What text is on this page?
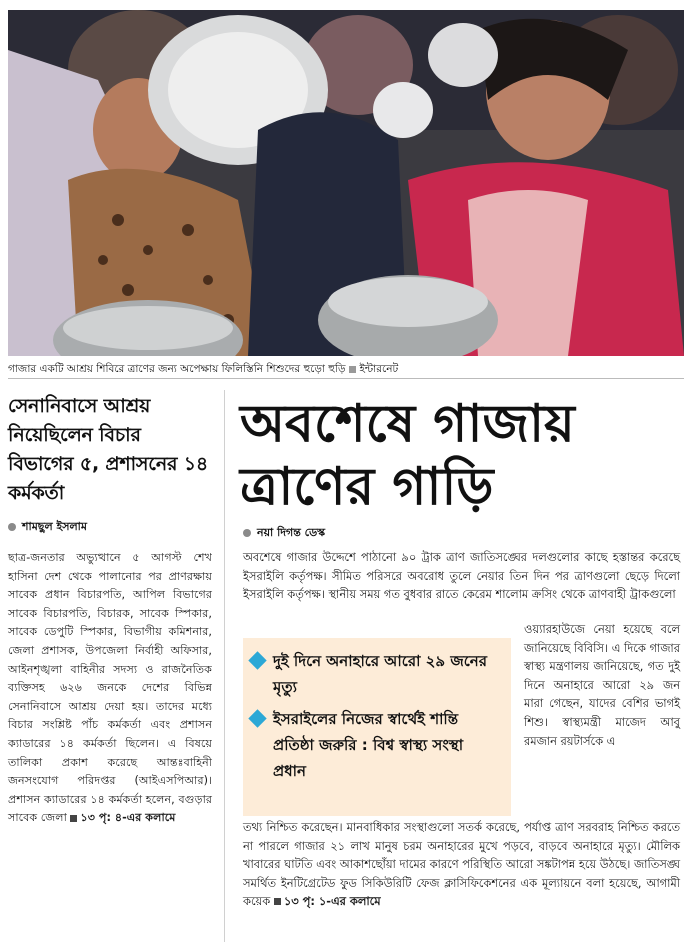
গাজার একটি আশ্রয় শিবিরে ত্রাণের জন্য অপেক্ষায় ফিলিস্তিনি শিশুদের হুড়ো হুড়ি ইন্টারনেট
সেনানিবাসে আশ্রয় নিয়েছিলেন বিচার বিভাগের ৫, প্রশাসনের ১৪ কর্মকর্তা
শামছুল ইসলাম
ছাত্র-জনতার অভ্যুত্থানে ৫ আগস্ট শেখ হাসিনা দেশ থেকে পালানোর পর প্রাণরক্ষায় সাবেক প্রধান বিচারপতি, আপিল বিভাগের সাবেক বিচারপতি, বিচারক, সাবেক স্পিকার, সাবেক ডেপুটি স্পিকার, বিভাগীয় কমিশনার, জেলা প্রশাসক, উপজেলা নির্বাহী অফিসার, আইনশৃঙ্খলা বাহিনীর সদস্য ও রাজনৈতিক ব্যক্তিসহ ৬২৬ জনকে দেশের বিভিন্ন সেনানিবাসে আশ্রয় দেয়া হয়। তাদের মধ্যে বিচার সংশ্লিষ্ট পাঁচ কর্মকর্তা এবং প্রশাসন ক্যাডারের ১৪ কর্মকর্তা ছিলেন। এ বিষয়ে তালিকা প্রকাশ করেছে আন্তঃবাহিনী জনসংযোগ পরিদপ্তর (আইএসপিআর)। প্রশাসন ক্যাডারের ১৪ কর্মকর্তা হলেন, বগুড়ার সাবেক জেলা ১৩ পৃ: ৪-এর কলামে
অবশেষে গাজায় ত্রাণের গাড়ি
নয়া দিগন্ত ডেস্ক
অবশেষে গাজার উদ্দেশে পাঠানো ৯০ ট্রাক ত্রাণ জাতিসঙ্ঘের দলগুলোর কাছে হস্তান্তর করেছে ইসরাইলি কর্তৃপক্ষ। সীমিত পরিসরে অবরোধ তুলে নেয়ার তিন দিন পর ত্রাণগুলো ছেড়ে দিলো ইসরাইলি কর্তৃপক্ষ। স্থানীয় সময় গত বুধবার রাতে কেরেম শালোম ক্রসিং থেকে ত্রাণবাহী ট্রাকগুলো
দুই দিনে অনাহারে আরো ২৯ জনের মৃত্যু
ইসরাইলের নিজের স্বার্থেই শান্তি প্রতিষ্ঠা জরুরি : বিশ্ব স্বাস্থ্য সংস্থা প্রধান
ওয়্যারহাউজে নেয়া হয়েছে বলে জানিয়েছে বিবিসি। এ দিকে গাজার স্বাস্থ্য মন্ত্রণালয় জানিয়েছে, গত দুই দিনে অনাহারে আরো ২৯ জন মারা গেছেন, যাদের বেশির ভাগই শিশু। স্বাস্থ্যমন্ত্রী মাজেদ আবু রমজান রয়টার্সকে এ
তথ্য নিশ্চিত করেছেন। মানবাধিকার সংস্থাগুলো সতর্ক করেছে, পর্যাপ্ত ত্রাণ সরবরাহ নিশ্চিত করতে না পারলে গাজার ২১ লাখ মানুষ চরম অনাহারের মুখে পড়বে, বাড়বে অনাহারে মৃত্যু। মৌলিক খাবারের ঘাটতি এবং আকাশছোঁয়া দামের কারণে পরিস্থিতি আরো সঙ্কটাপন্ন হয়ে উঠছে। জাতিসঙ্ঘ সমর্থিত ইনটিগ্রেটেড ফুড সিকিউরিটি ফেজ ক্লাসিফিকেশনের এক মূল্যায়নে বলা হয়েছে, আগামী কয়েক ১৩ পৃ: ১-এর কলামে
